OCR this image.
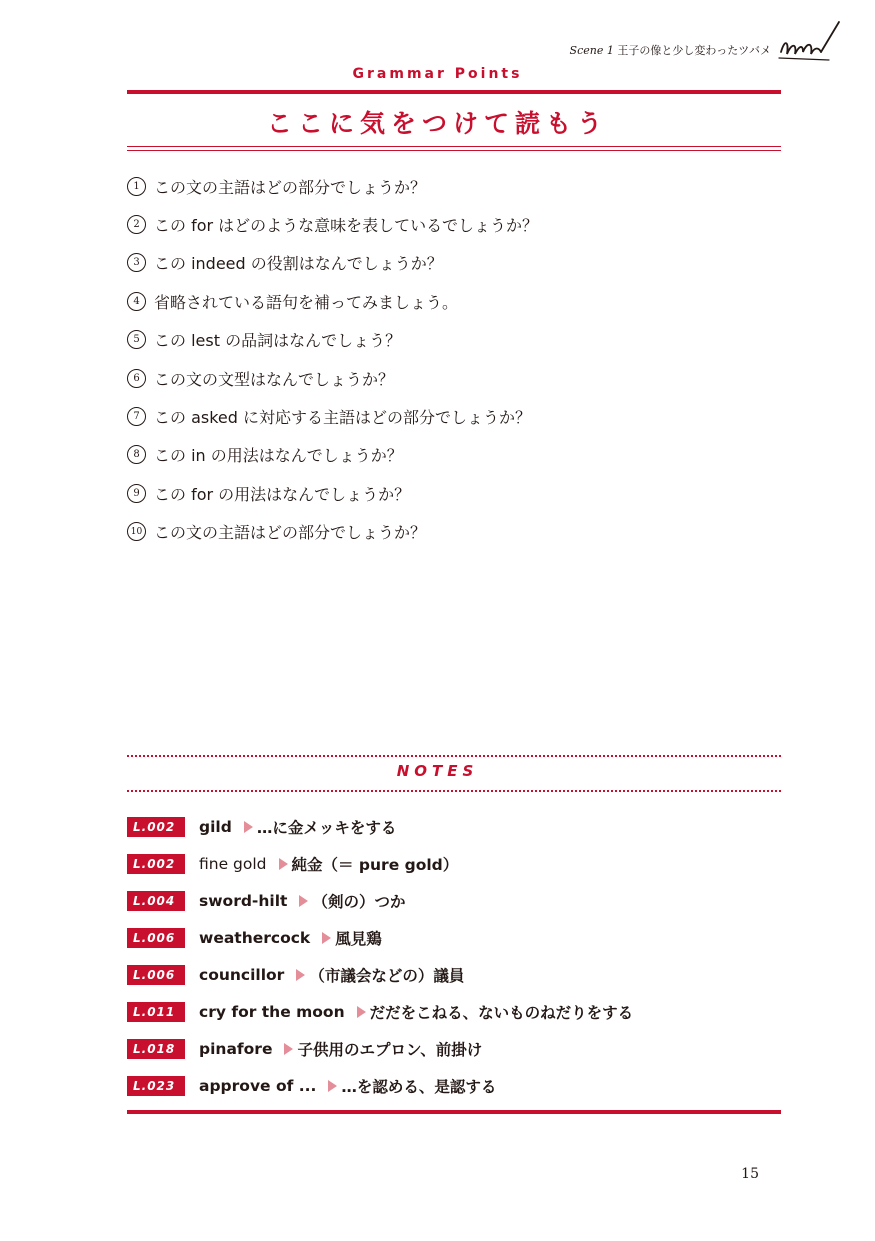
Scene 1 王子の像と少し変わったツバメ
Grammar Points
ここに気をつけて読もう
1 この文の主語はどの部分でしょうか？
2 この for はどのような意味を表しているでしょうか？
3 この indeed の役割はなんでしょうか？
4 省略されている語句を補ってみましょう。
5 この lest の品詞はなんでしょう？
6 この文の文型はなんでしょうか？
7 この asked に対応する主語はどの部分でしょうか？
8 この in の用法はなんでしょうか？
9 この for の用法はなんでしょうか？
10 この文の主語はどの部分でしょうか？
NOTES
L.002	gild …に金メッキをする
L.002	fine gold 純金（＝ pure gold）
L.004	sword-hilt （剣の）つか
L.006	weathercock 風見鶏
L.006	councillor （市議会などの）議員
L.011	cry for the moon だだをこねる、ないものねだりをする
L.018	pinafore 子供用のエプロン、前掛け
L.023	approve of ... …を認める、是認する
15
